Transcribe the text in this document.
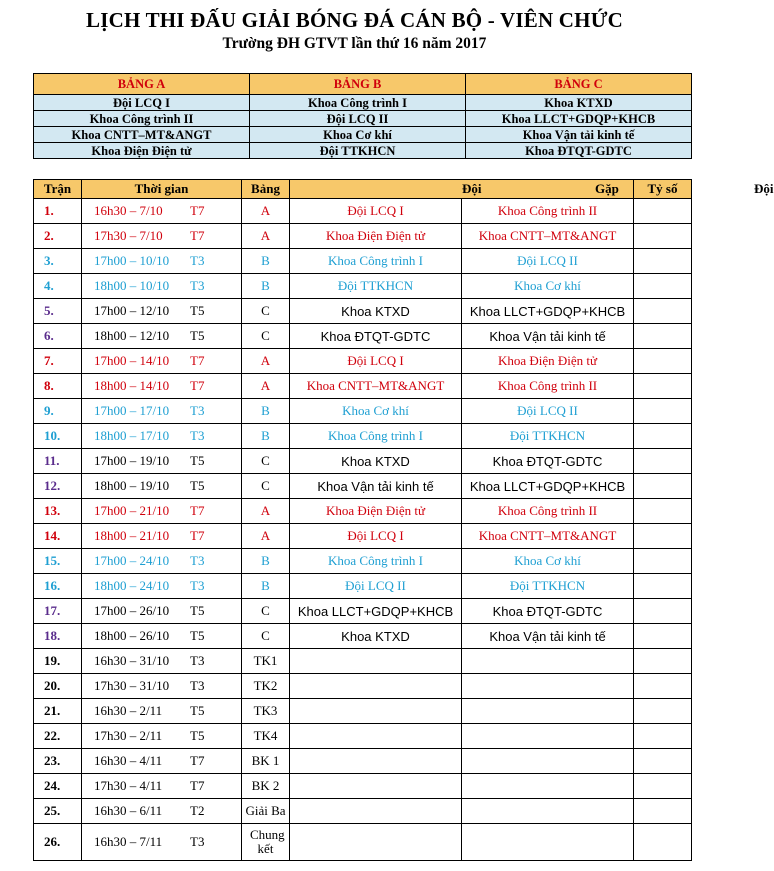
LỊCH THI ĐẤU GIẢI BÓNG ĐÁ CÁN BỘ - VIÊN CHỨC
Trường ĐH GTVT lần thứ 16 năm 2017
BẢNG A	BẢNG B	BẢNG C
Đội LCQ I	Khoa Công trình I	Khoa KTXD
Khoa Công trình II	Đội LCQ II	Khoa LLCT+GDQP+KHCB
Khoa CNTT–MT&ANGT	Khoa Cơ khí	Khoa Vận tải kinh tế
Khoa Điện Điện tử	Đội TTKHCN	Khoa ĐTQT-GDTC
Trận	Thời gian	Bảng	Đội Gặp Đội		Tỷ số
1.	16h30 – 7/10 T7	A	Đội LCQ I	Khoa Công trình II	
2.	17h30 – 7/10 T7	A	Khoa Điện Điện tử	Khoa CNTT–MT&ANGT	
3.	17h00 – 10/10 T3	B	Khoa Công trình I	Đội LCQ II	
4.	18h00 – 10/10 T3	B	Đội TTKHCN	Khoa Cơ khí	
5.	17h00 – 12/10 T5	C	Khoa KTXD	Khoa LLCT+GDQP+KHCB	
6.	18h00 – 12/10 T5	C	Khoa ĐTQT-GDTC	Khoa Vận tải kinh tế	
7.	17h00 – 14/10 T7	A	Đội LCQ I	Khoa Điện Điện tử	
8.	18h00 – 14/10 T7	A	Khoa CNTT–MT&ANGT	Khoa Công trình II	
9.	17h00 – 17/10 T3	B	Khoa Cơ khí	Đội LCQ II	
10.	18h00 – 17/10 T3	B	Khoa Công trình I	Đội TTKHCN	
11.	17h00 – 19/10 T5	C	Khoa KTXD	Khoa ĐTQT-GDTC	
12.	18h00 – 19/10 T5	C	Khoa Vận tải kinh tế	Khoa LLCT+GDQP+KHCB	
13.	17h00 – 21/10 T7	A	Khoa Điện Điện tử	Khoa Công trình II	
14.	18h00 – 21/10 T7	A	Đội LCQ I	Khoa CNTT–MT&ANGT	
15.	17h00 – 24/10 T3	B	Khoa Công trình I	Khoa Cơ khí	
16.	18h00 – 24/10 T3	B	Đội LCQ II	Đội TTKHCN	
17.	17h00 – 26/10 T5	C	Khoa LLCT+GDQP+KHCB	Khoa ĐTQT-GDTC	
18.	18h00 – 26/10 T5	C	Khoa KTXD	Khoa Vận tải kinh tế	
19.	16h30 – 31/10 T3	TK1			
20.	17h30 – 31/10 T3	TK2			
21.	16h30 – 2/11 T5	TK3			
22.	17h30 – 2/11 T5	TK4			
23.	16h30 – 4/11 T7	BK 1			
24.	17h30 – 4/11 T7	BK 2			
25.	16h30 – 6/11 T2	Giải Ba			
26.	16h30 – 7/11 T3	Chung kết			
